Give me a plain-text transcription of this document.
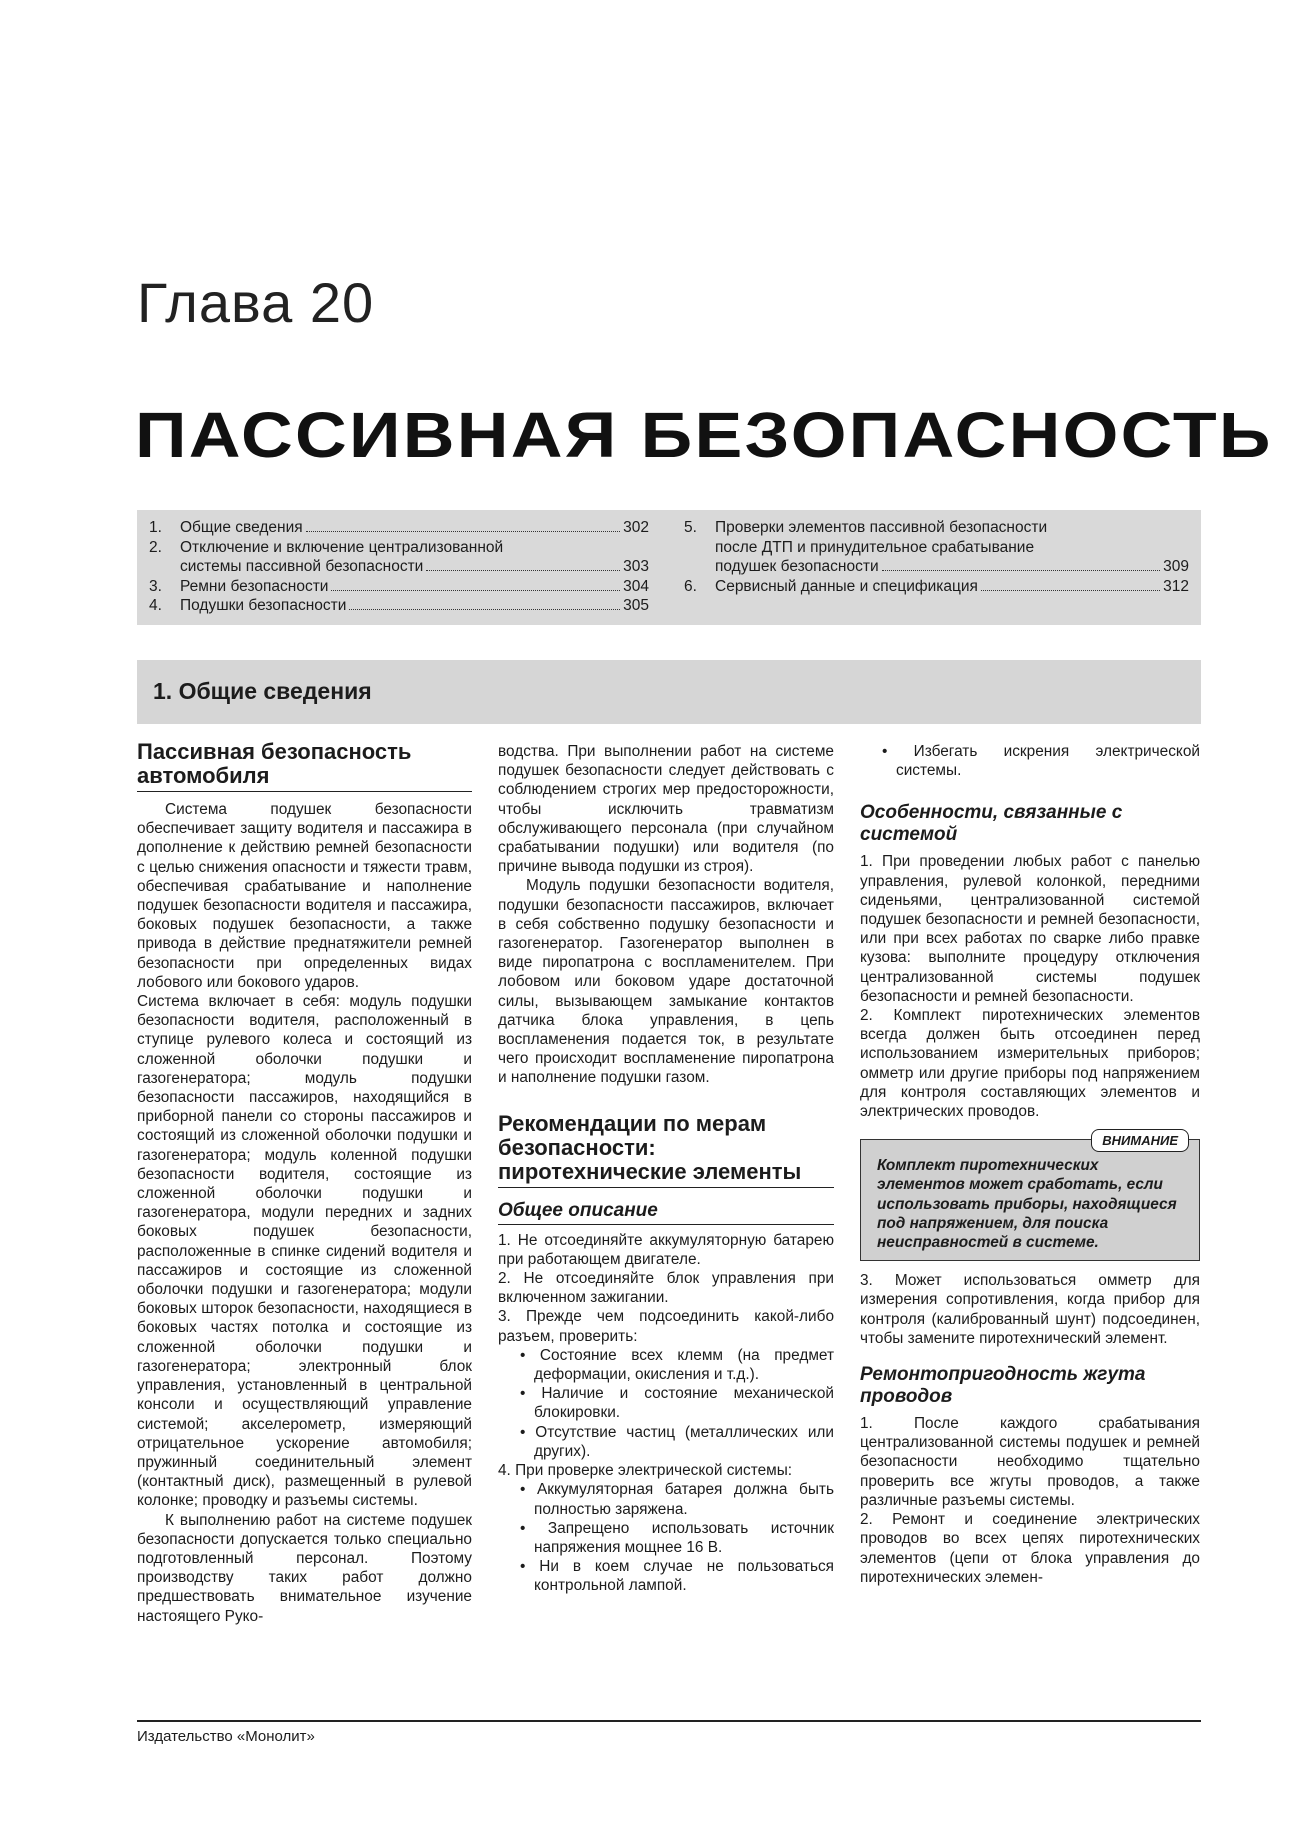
Глава 20
ПАССИВНАЯ БЕЗОПАСНОСТЬ
1.	Общие сведения	302
2.	Отключение и включение централизованной
системы пассивной безопасности	303
3.	Ремни безопасности	304
4.	Подушки безопасности	305
5.	Проверки элементов пассивной безопасности
после ДТП и принудительное срабатывание
подушек безопасности	309
6.	Сервисный данные и спецификация	312
1. Общие сведения
Пассивная безопасность автомобиля

Система подушек безопасности обеспечивает защиту водителя и пассажира в дополнение к действию ремней безопасности с целью снижения опасности и тяжести травм, обеспечивая срабатывание и наполнение подушек безопасности водителя и пассажира, боковых подушек безопасности, а также привода в действие преднатяжители ремней безопасности при определенных видах лобового или бокового ударов.

Система включает в себя: модуль подушки безопасности водителя, расположенный в ступице рулевого колеса и состоящий из сложенной оболочки подушки и газогенератора; модуль подушки безопасности пассажиров, находящийся в приборной панели со стороны пассажиров и состоящий из сложенной оболочки подушки и газогенератора; модуль коленной подушки безопасности водителя, состоящие из сложенной оболочки подушки и газогенератора, модули передних и задних боковых подушек безопасности, расположенные в спинке сидений водителя и пассажиров и состоящие из сложенной оболочки подушки и газогенератора; модули боковых шторок безопасности, находящиеся в боковых частях потолка и состоящие из сложенной оболочки подушки и газогенератора; электронный блок управления, установленный в центральной консоли и осуществляющий управление системой; акселерометр, измеряющий отрицательное ускорение автомобиля; пружинный соединительный элемент (контактный диск), размещенный в рулевой колонке; проводку и разъемы системы.

К выполнению работ на системе подушек безопасности допускается только специально подготовленный персонал. Поэтому производству таких работ должно предшествовать внимательное изучение настоящего Руко-

водства. При выполнении работ на системе подушек безопасности следует действовать с соблюдением строгих мер предосторожности, чтобы исключить травматизм обслуживающего персонала (при случайном срабатывании подушки) или водителя (по причине вывода подушки из строя).

Модуль подушки безопасности водителя, подушки безопасности пассажиров, включает в себя собственно подушку безопасности и газогенератор. Газогенератор выполнен в виде пиропатрона с воспламенителем. При лобовом или боковом ударе достаточной силы, вызывающем замыкание контактов датчика блока управления, в цепь воспламенения подается ток, в результате чего происходит воспламенение пиропатрона и наполнение подушки газом.

Рекомендации по мерам безопасности: пиротехнические элементы
Общее описание

1. Не отсоединяйте аккумуляторную батарею при работающем двигателе.

2. Не отсоединяйте блок управления при включенном зажигании.

3. Прежде чем подсоединить какой-либо разъем, проверить:

• Состояние всех клемм (на предмет деформации, окисления и т.д.).

• Наличие и состояние механической блокировки.

• Отсутствие частиц (металлических или других).

4. При проверке электрической системы:

• Аккумуляторная батарея должна быть полностью заряжена.

• Запрещено использовать источник напряжения мощнее 16 В.

• Ни в коем случае не пользоваться контрольной лампой.

• Избегать искрения электрической системы.

Особенности, связанные с системой

1. При проведении любых работ с панелью управления, рулевой колонкой, передними сиденьями, централизованной системой подушек безопасности и ремней безопасности, или при всех работах по сварке либо правке кузова: выполните процедуру отключения централизованной системы подушек безопасности и ремней безопасности.

2. Комплект пиротехнических элементов всегда должен быть отсоединен перед использованием измерительных приборов; омметр или другие приборы под напряжением для контроля составляющих элементов и электрических проводов.

ВНИМАНИЕ
Комплект пиротехнических элементов может сработать, если использовать приборы, находящиеся под напряжением, для поиска неисправностей в системе.

3. Может использоваться омметр для измерения сопротивления, когда прибор для контроля (калиброванный шунт) подсоединен, чтобы замените пиротехнический элемент.

Ремонтопригодность жгута проводов

1. После каждого срабатывания централизованной системы подушек и ремней безопасности необходимо тщательно проверить все жгуты проводов, а также различные разъемы системы.

2. Ремонт и соединение электрических проводов во всех цепях пиротехнических элементов (цепи от блока управления до пиротехнических элемен-

Издательство «Монолит»
